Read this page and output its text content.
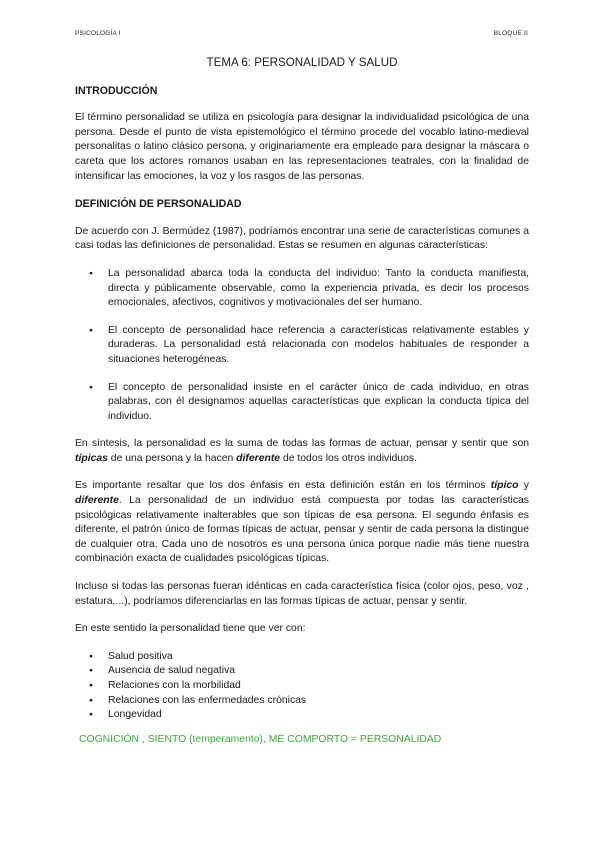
PSICOLOGÍA I	BLOQUE II
TEMA 6: PERSONALIDAD Y SALUD
INTRODUCCIÓN

El término personalidad se utiliza en psicología para designar la individualidad psicológica de una persona. Desde el punto de vista epistemológico el término procede del vocablo latino-medieval personalitas o latino clásico persona, y originariamente era empleado para designar la máscara o careta que los actores romanos usaban en las representaciones teatrales, con la finalidad de intensificar las emociones, la voz y los rasgos de las personas.

DEFINICIÓN DE PERSONALIDAD

De acuerdo con J. Bermúdez (1987), podríamos encontrar una serie de características comunes a casi todas las definiciones de personalidad. Estas se resumen en algunas características:

● La personalidad abarca toda la conducta del individuo: Tanto la conducta manifiesta, directa y públicamente observable, como la experiencia privada, es decir los procesos emocionales, afectivos, cognitivos y motivacionales del ser humano.
● El concepto de personalidad hace referencia a características relativamente estables y duraderas. La personalidad está relacionada con modelos habituales de responder a situaciones heterogéneas.
● El concepto de personalidad insiste en el carácter único de cada individuo, en otras palabras, con él designamos aquellas características que explican la conducta típica del individuo.

En síntesis, la personalidad es la suma de todas las formas de actuar, pensar y sentir que son típicas de una persona y la hacen diferente de todos los otros individuos.

Es importante resaltar que los dos énfasis en esta definición están en los términos típico y diferente. La personalidad de un individuo está compuesta por todas las características psicológicas relativamente inalterables que son típicas de esa persona. El segundo énfasis es diferente, el patrón único de formas típicas de actuar, pensar y sentir de cada persona la distingue de cualquier otra. Cada uno de nosotros es una persona única porque nadie más tiene nuestra combinación exacta de cualidades psicológicas típicas.

Incluso si todas las personas fueran idénticas en cada característica física (color ojos, peso, voz , estatura,...), podríamos diferenciarlas en las formas típicas de actuar, pensar y sentir.

En este sentido la personalidad tiene que ver con:

● Salud positiva
● Ausencia de salud negativa
● Relaciones con la morbilidad
● Relaciones con las enfermedades crónicas
● Longevidad
COGNICIÓN , SIENTO (temperamento), ME COMPORTO = PERSONALIDAD
